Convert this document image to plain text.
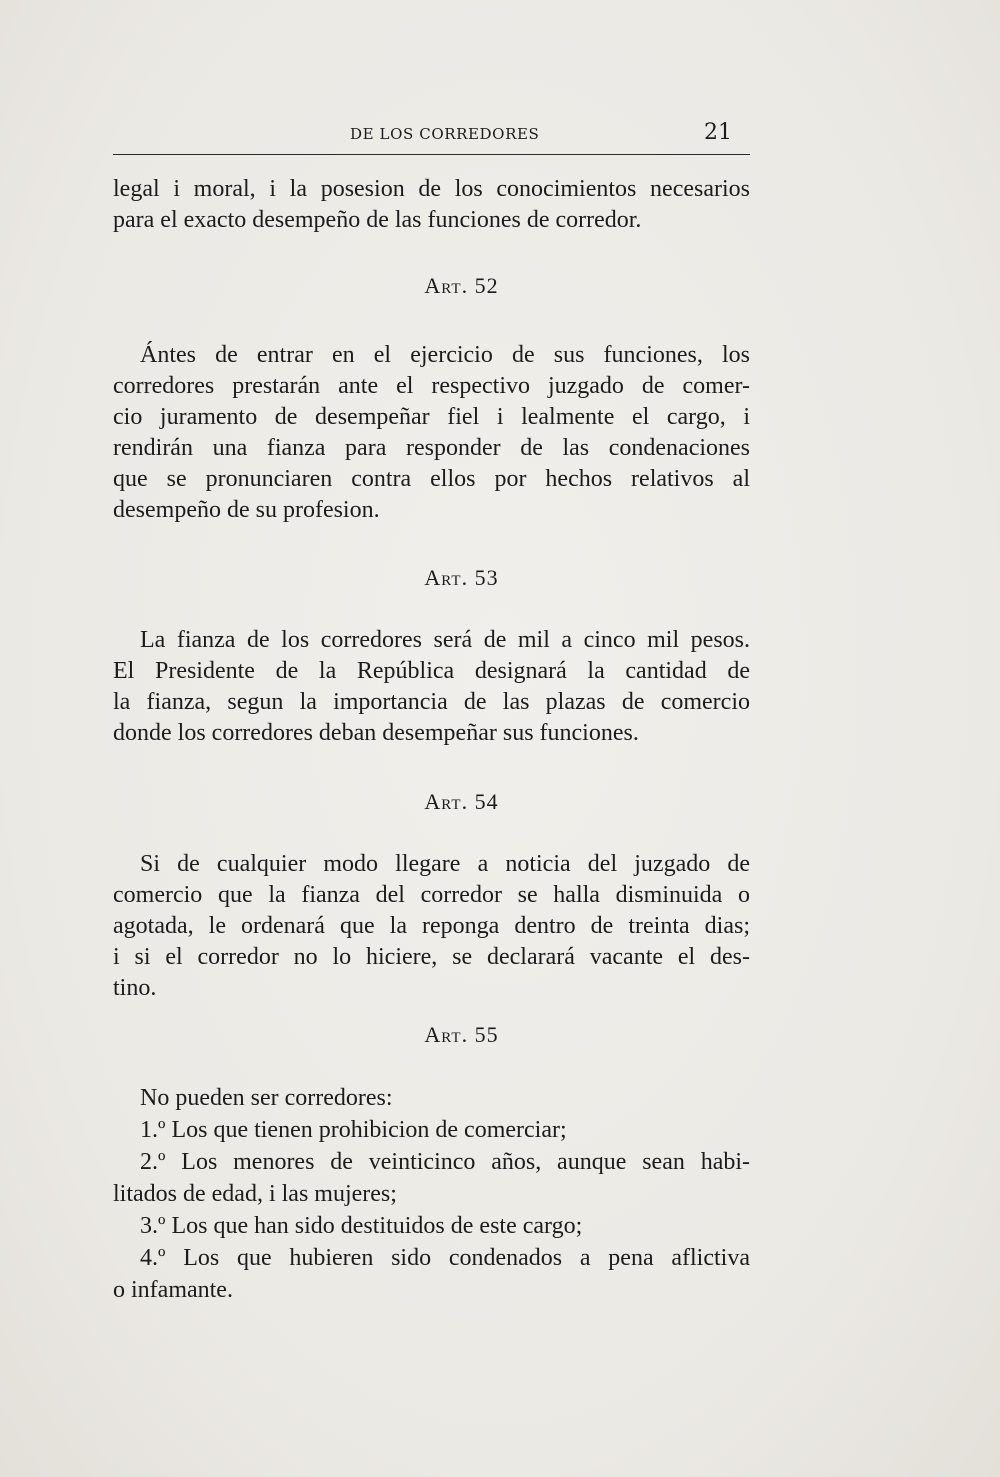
DE LOS CORREDORES	21
legal i moral, i la posesion de los conocimientos necesarios
para el exacto desempeño de las funciones de corredor.
Art. 52
Ántes de entrar en el ejercicio de sus funciones, los
corredores prestarán ante el respectivo juzgado de comer-
cio juramento de desempeñar fiel i lealmente el cargo, i
rendirán una fianza para responder de las condenaciones
que se pronunciaren contra ellos por hechos relativos al
desempeño de su profesion.
Art. 53
La fianza de los corredores será de mil a cinco mil pesos.
El Presidente de la República designará la cantidad de
la fianza, segun la importancia de las plazas de comercio
donde los corredores deban desempeñar sus funciones.
Art. 54
Si de cualquier modo llegare a noticia del juzgado de
comercio que la fianza del corredor se halla disminuida o
agotada, le ordenará que la reponga dentro de treinta dias;
i si el corredor no lo hiciere, se declarará vacante el des-
tino.
Art. 55
No pueden ser corredores:
1.º Los que tienen prohibicion de comerciar;
2.º Los menores de veinticinco años, aunque sean habi-
litados de edad, i las mujeres;
3.º Los que han sido destituidos de este cargo;
4.º Los que hubieren sido condenados a pena aflictiva
o infamante.
